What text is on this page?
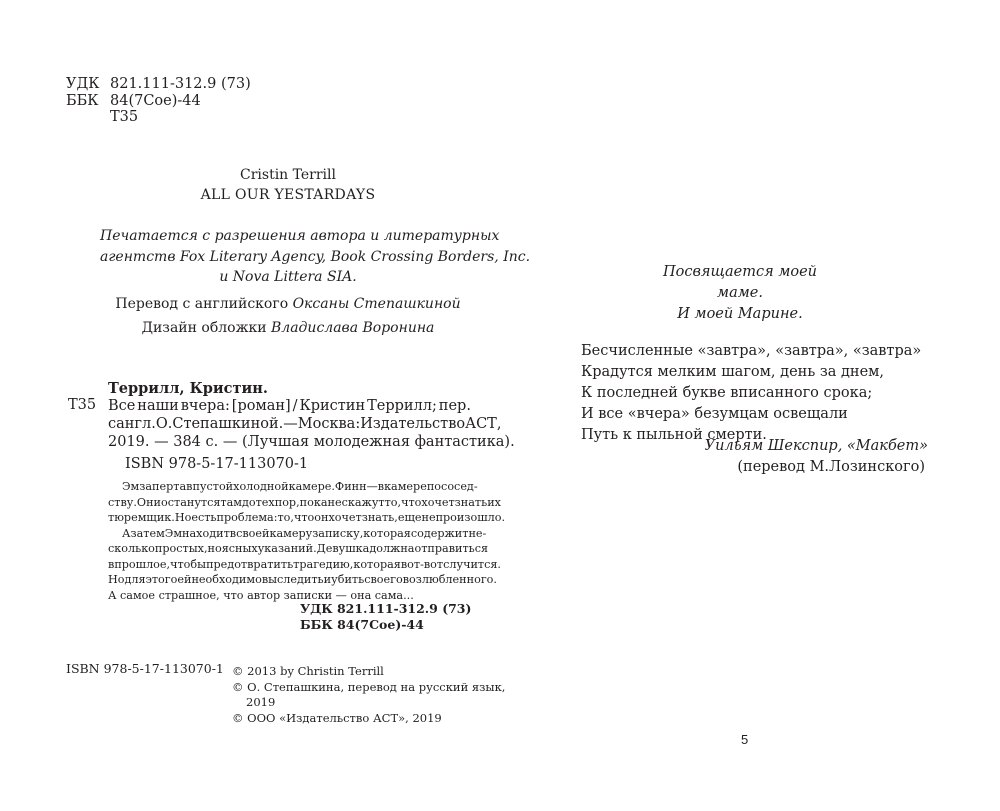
УДК 821.111-312.9 (73)
ББК 84(7Сое)-44
Т35
Cristin Terrill
ALL OUR YESTARDAYS
Печатается с разрешения автора и литературных
агентств Fox Literary Agency, Book Crossing Borders, Inc.
и Nova Littera SIA.
Перевод с английского Оксаны Степашкиной
Дизайн обложки Владислава Воронина
Террилл, Кристин.
Т35 Все наши вчера: [роман] / Кристин Террилл; пер.
с англ. О. Степашкиной. — Москва: Издательство АСТ,
2019. — 384 с. — (Лучшая молодежная фантастика).
ISBN 978-5-17-113070-1
Эм заперта в пустой холодной камере. Финн — в камере по сосед-
ству. Они останутся там до тех пор, пока не скажут то, что хочет знать их
тюремщик. Но есть проблема: то, что он хочет знать, еще не произошло.
А затем Эм находит в своей камеру записку, которая содержит не-
сколько простых, но ясных указаний. Девушка должна отправиться
в прошлое, чтобы предотвратить трагедию, которая вот-вот случится.
Но для этого ей необходимо выследить и убить своего возлюбленного.
А самое страшное, что автор записки — она сама...
УДК 821.111-312.9 (73)
ББК 84(7Сое)-44
ISBN 978-5-17-113070-1 © 2013 by Christin Terrill
© О. Степашкина, перевод на русский язык,
2019
© ООО «Издательство АСТ», 2019
Посвящается моей маме.
И моей Марине.
Бесчисленные «завтра», «завтра», «завтра»
Крадутся мелким шагом, день за днем,
К последней букве вписанного срока;
И все «вчера» безумцам освещали
Путь к пыльной смерти.
Уильям Шекспир, «Макбет»
(перевод М.Лозинского)
5
